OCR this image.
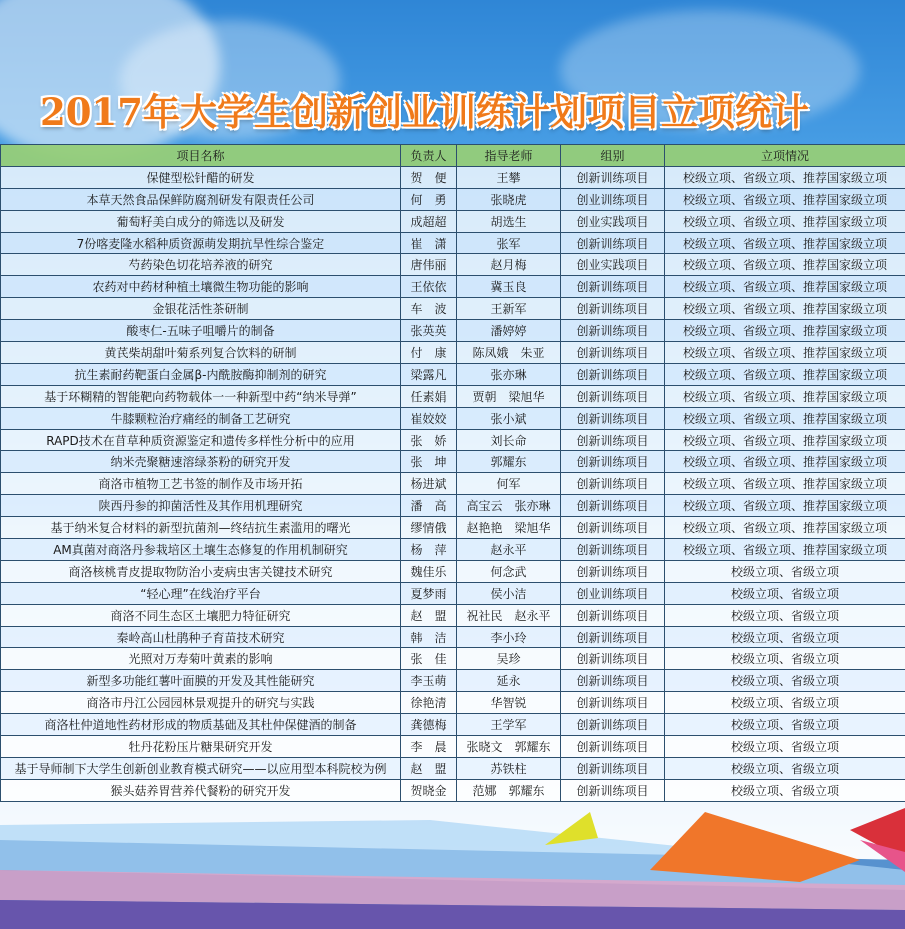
2017年大学生创新创业训练计划项目立项统计
项目名称	负责人	指导老师	组别	立项情况
保健型松针醋的研发	贺　便	王攀	创新训练项目	校级立项、省级立项、推荐国家级立项
本草天然食品保鲜防腐剂研发有限责任公司	何　勇	张晓虎	创业训练项目	校级立项、省级立项、推荐国家级立项
葡萄籽美白成分的筛选以及研发	成超超	胡选生	创业实践项目	校级立项、省级立项、推荐国家级立项
7份喀麦隆水稻种质资源萌发期抗旱性综合鉴定	崔　潇	张军	创新训练项目	校级立项、省级立项、推荐国家级立项
芍药染色切花培养液的研究	唐伟丽	赵月梅	创业实践项目	校级立项、省级立项、推荐国家级立项
农药对中药材种植土壤微生物功能的影响	王依依	冀玉良	创新训练项目	校级立项、省级立项、推荐国家级立项
金银花活性茶研制	车　波	王新军	创新训练项目	校级立项、省级立项、推荐国家级立项
酸枣仁-五味子咀嚼片的制备	张英英	潘婷婷	创新训练项目	校级立项、省级立项、推荐国家级立项
黄芪柴胡甜叶菊系列复合饮料的研制	付　康	陈凤娥　朱亚	创新训练项目	校级立项、省级立项、推荐国家级立项
抗生素耐药靶蛋白金属β-内酰胺酶抑制剂的研究	梁露凡	张亦琳	创新训练项目	校级立项、省级立项、推荐国家级立项
基于环糊精的智能靶向药物载体一一种新型中药“纳米导弹”	任素娟	贾朝　梁旭华	创新训练项目	校级立项、省级立项、推荐国家级立项
牛膝颗粒治疗痛经的制备工艺研究	崔姣姣	张小斌	创新训练项目	校级立项、省级立项、推荐国家级立项
RAPD技术在苜草种质资源鉴定和遗传多样性分析中的应用	张　娇	刘长命	创新训练项目	校级立项、省级立项、推荐国家级立项
纳米壳聚糖速溶绿茶粉的研究开发	张　坤	郭耀东	创新训练项目	校级立项、省级立项、推荐国家级立项
商洛市植物工艺书签的制作及市场开拓	杨进斌	何军	创新训练项目	校级立项、省级立项、推荐国家级立项
陕西丹参的抑菌活性及其作用机理研究	潘　高	高宝云　张亦琳	创新训练项目	校级立项、省级立项、推荐国家级立项
基于纳米复合材料的新型抗菌剂—终结抗生素滥用的曙光	缪情俄	赵艳艳　梁旭华	创新训练项目	校级立项、省级立项、推荐国家级立项
AM真菌对商洛丹参栽培区土壤生态修复的作用机制研究	杨　萍	赵永平	创新训练项目	校级立项、省级立项、推荐国家级立项
商洛核桃青皮提取物防治小麦病虫害关键技术研究	魏佳乐	何念武	创新训练项目	校级立项、省级立项
“轻心理”在线治疗平台	夏梦雨	侯小洁	创业训练项目	校级立项、省级立项
商洛不同生态区土壤肥力特征研究	赵　盟	祝社民　赵永平	创新训练项目	校级立项、省级立项
秦岭高山杜鹃种子育苗技术研究	韩　洁	李小玲	创新训练项目	校级立项、省级立项
光照对万寿菊叶黄素的影响	张　佳	吴珍	创新训练项目	校级立项、省级立项
新型多功能红薯叶面膜的开发及其性能研究	李玉萌	延永	创新训练项目	校级立项、省级立项
商洛市丹江公园园林景观提升的研究与实践	徐艳清	华智锐	创新训练项目	校级立项、省级立项
商洛杜仲道地性药材形成的物质基础及其杜仲保健酒的制备	龚德梅	王学军	创新训练项目	校级立项、省级立项
牡丹花粉压片糖果研究开发	李　晨	张晓文　郭耀东	创新训练项目	校级立项、省级立项
基于导师制下大学生创新创业教育模式研究——以应用型本科院校为例	赵　盟	苏铁柱	创新训练项目	校级立项、省级立项
猴头菇养胃营养代餐粉的研究开发	贺晓金	范娜　郭耀东	创新训练项目	校级立项、省级立项
